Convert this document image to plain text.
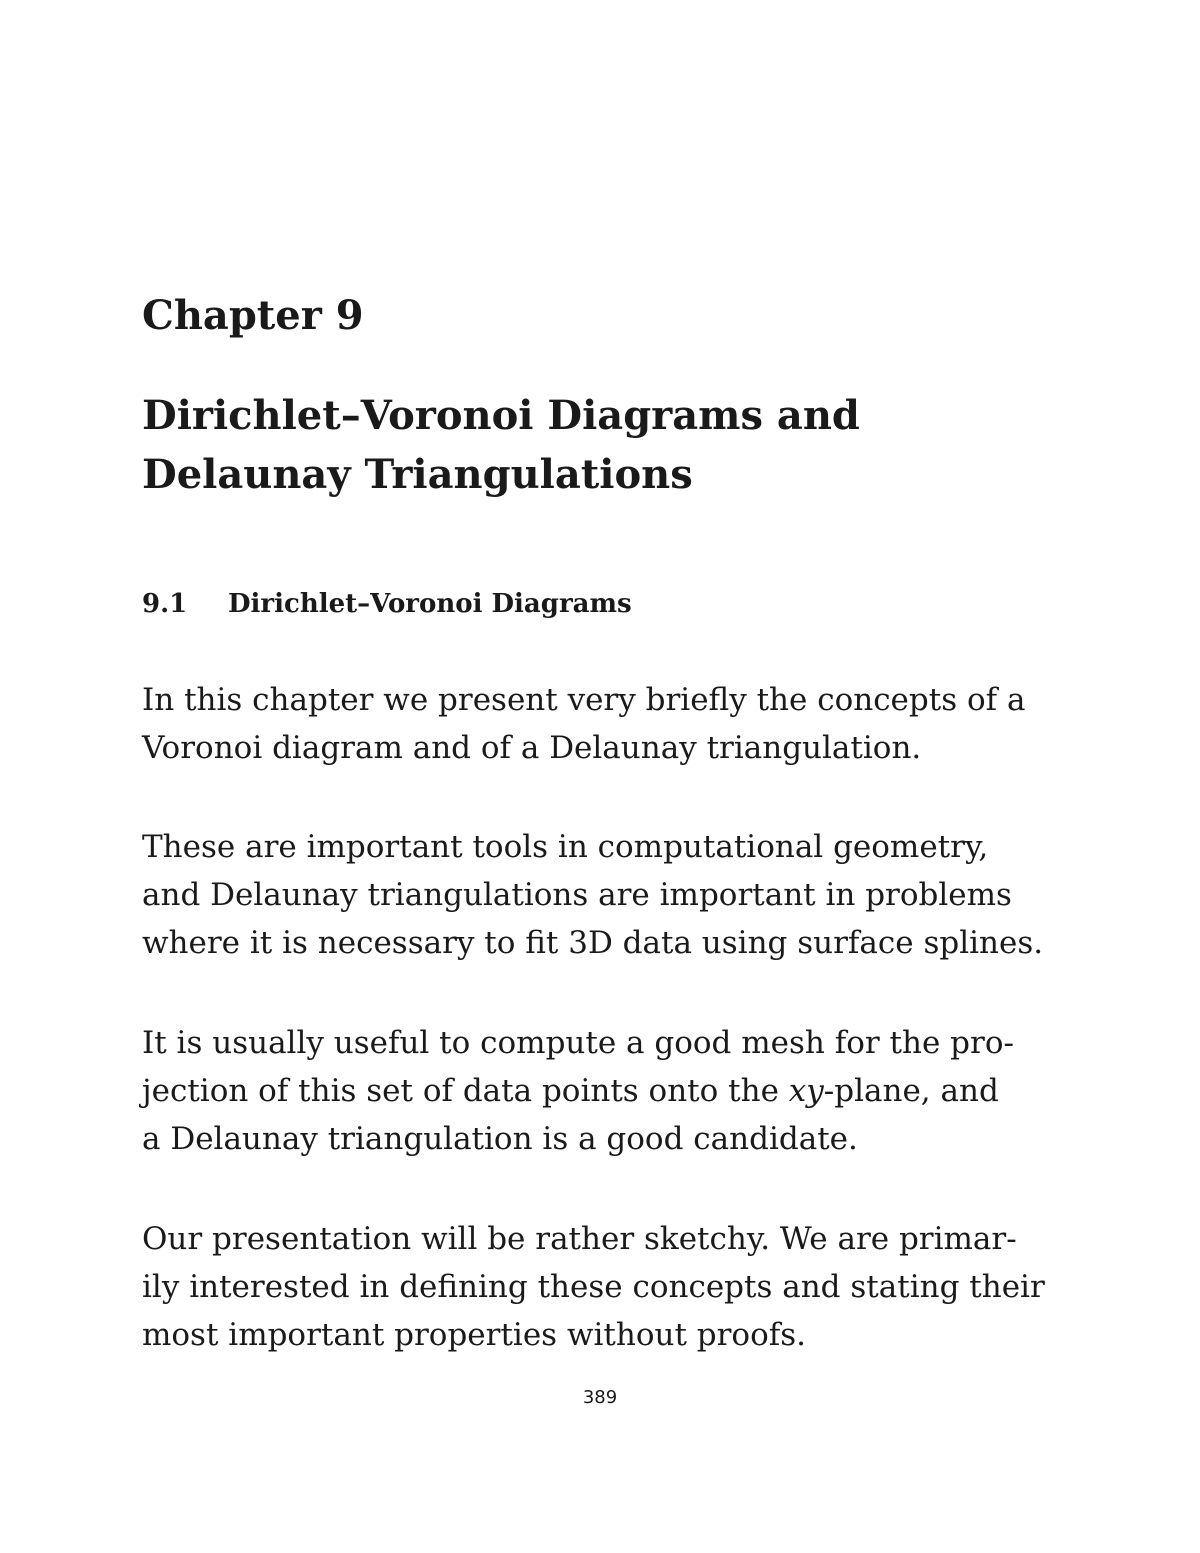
Chapter 9
Dirichlet–Voronoi Diagrams and
Delaunay Triangulations
9.1 Dirichlet–Voronoi Diagrams

In this chapter we present very briefly the concepts of a
Voronoi diagram and of a Delaunay triangulation.

These are important tools in computational geometry,
and Delaunay triangulations are important in problems
where it is necessary to fit 3D data using surface splines.

It is usually useful to compute a good mesh for the pro-
jection of this set of data points onto the xy-plane, and
a Delaunay triangulation is a good candidate.

Our presentation will be rather sketchy. We are primar-
ily interested in defining these concepts and stating their
most important properties without proofs.

389
